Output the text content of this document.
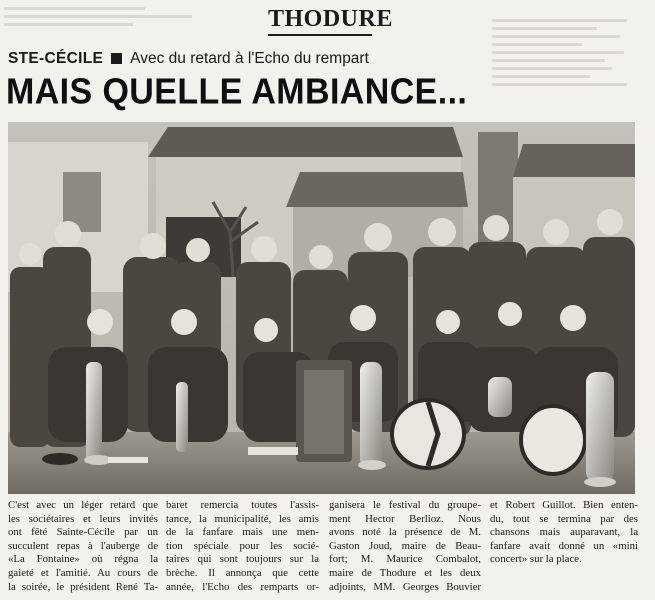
THODURE
STE-CÉCILE Avec du retard à l'Echo du rempart
MAIS QUELLE AMBIANCE...
C'est avec un léger retard que
les sociétaires et leurs invités
ont fêté Sainte-Cécile par un
succulent repas à l'auberge de
«La Fontaine» où régna la
gaieté et l'amitié. Au cours de
la soirée, le président René Ta-
baret remercia toutes l'assis-
tance, la municipalité, les amis
de la fanfare mais une men-
tion spéciale pour les socié-
taires qui sont toujours sur la
brèche. Il annonça que cette
année, l'Echo des remparts or-
ganisera le festival du groupe-
ment Hector Berlioz. Nous
avons noté la présence de M.
Gaston Joud, maire de Beau-
fort; M. Maurice Combalot,
maire de Thodure et les deux
adjoints, MM. Georges Bouvier
et Robert Guillot. Bien enten-
du, tout se termina par des
chansons mais auparavant, la
fanfare avait donné un «mini
concert» sur la place.
